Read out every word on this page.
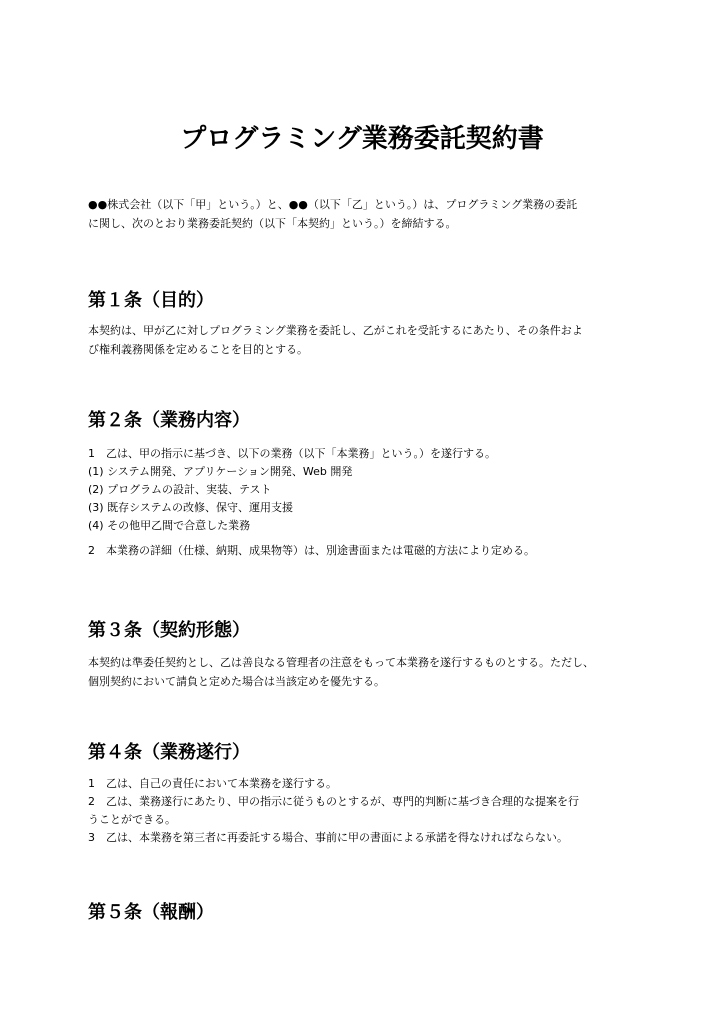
プログラミング業務委託契約書
●●株式会社（以下「甲」という。）と、●●（以下「乙」という。）は、プログラミング業務の委託
に関し、次のとおり業務委託契約（以下「本契約」という。）を締結する。
第１条（目的）
本契約は、甲が乙に対しプログラミング業務を委託し、乙がこれを受託するにあたり、その条件およ
び権利義務関係を定めることを目的とする。
第２条（業務内容）
1　乙は、甲の指示に基づき、以下の業務（以下「本業務」という。）を遂行する。
(1) システム開発、アプリケーション開発、Web 開発
(2) プログラムの設計、実装、テスト
(3) 既存システムの改修、保守、運用支援
(4) その他甲乙間で合意した業務
2　本業務の詳細（仕様、納期、成果物等）は、別途書面または電磁的方法により定める。
第３条（契約形態）
本契約は準委任契約とし、乙は善良なる管理者の注意をもって本業務を遂行するものとする。ただし、
個別契約において請負と定めた場合は当該定めを優先する。
第４条（業務遂行）
1　乙は、自己の責任において本業務を遂行する。
2　乙は、業務遂行にあたり、甲の指示に従うものとするが、専門的判断に基づき合理的な提案を行
うことができる。
3　乙は、本業務を第三者に再委託する場合、事前に甲の書面による承諾を得なければならない。
第５条（報酬）
